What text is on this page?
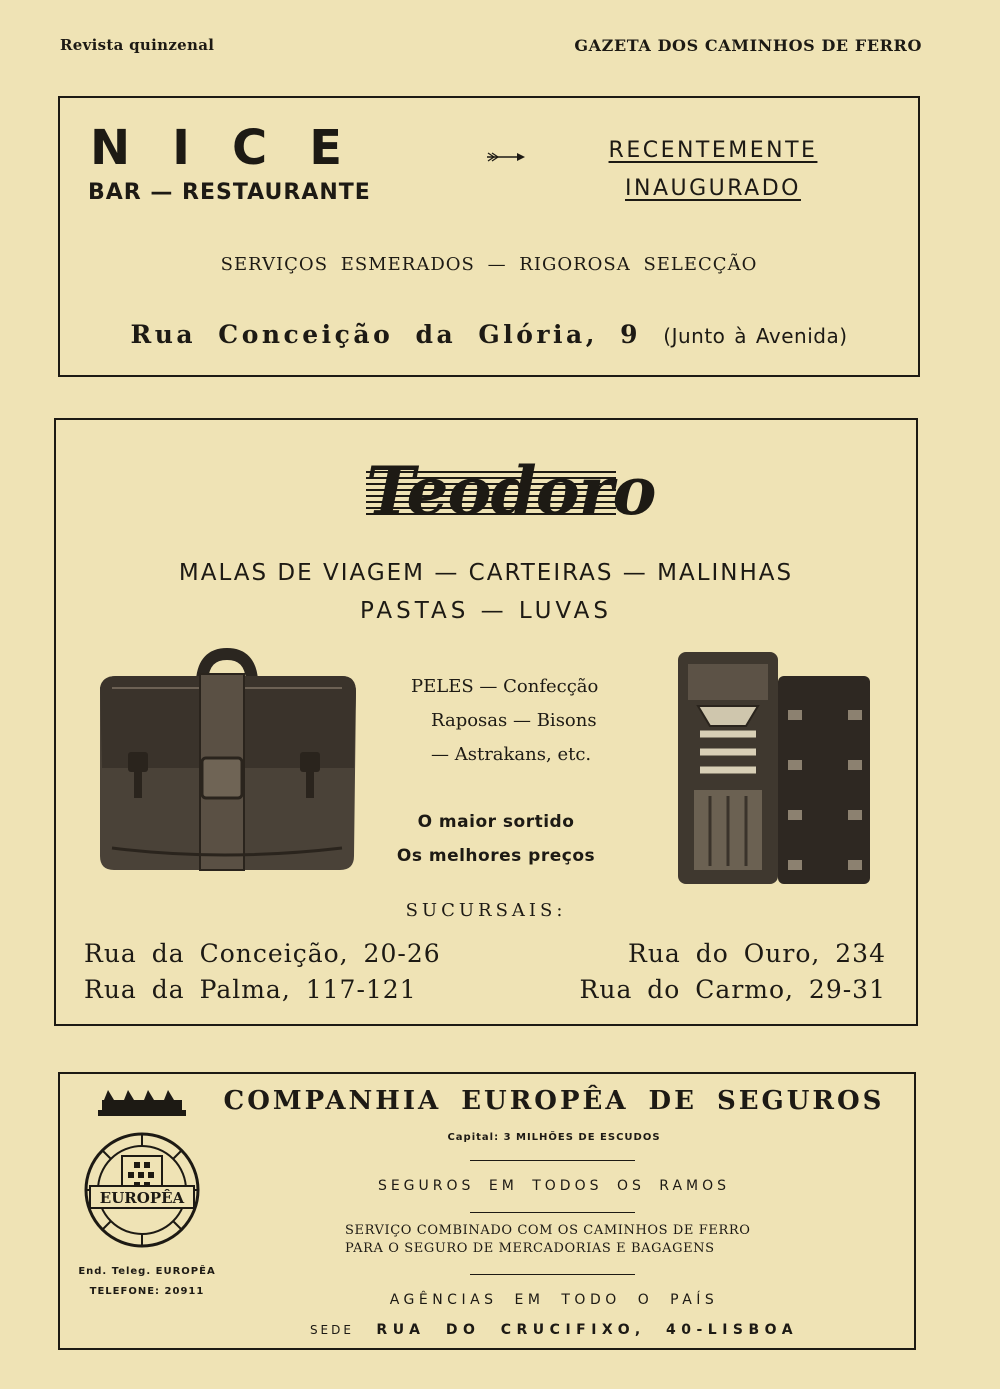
Revista quinzenal	GAZETA DOS CAMINHOS DE FERRO
NICE
BAR — RESTAURANTE
RECENTEMENTE
INAUGURADO
SERVIÇOS ESMERADOS — RIGOROSA SELECÇÃO
Rua Conceição da Glória, 9 (Junto à Avenida)
Teodoro
MALAS DE VIAGEM — CARTEIRAS — MALINHAS
PASTAS — LUVAS
PELES — Confecção
Raposas — Bisons
— Astrakans, etc.
O maior sortido
Os melhores preços
SUCURSAIS:
Rua da Conceição, 20-26
Rua da Palma, 117-121
Rua do Ouro, 234
Rua do Carmo, 29-31
EUROPÊA
End. Teleg. EUROPÊA
TELEFONE: 20911
COMPANHIA EUROPÊA DE SEGUROS
Capital: 3 MILHÕES DE ESCUDOS
SEGUROS EM TODOS OS RAMOS
SERVIÇO COMBINADO COM OS CAMINHOS DE FERRO
PARA O SEGURO DE MERCADORIAS E BAGAGENS
AGÊNCIAS EM TODO O PAÍS
SEDE RUA DO CRUCIFIXO, 40-LISBOA
